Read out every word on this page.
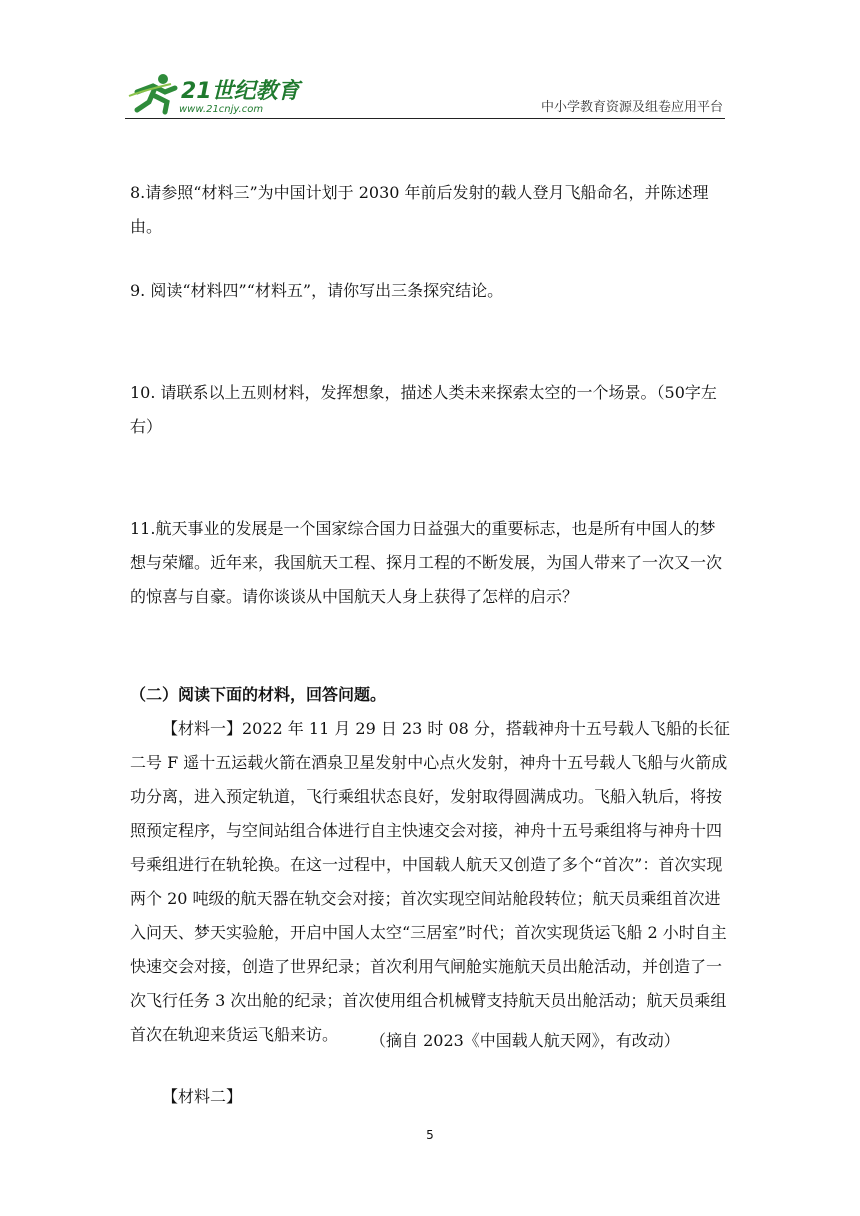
21世纪教育
www.21cnjy.com	中小学教育资源及组卷应用平台

8.请参照“材料三”为中国计划于 2030 年前后发射的载人登月飞船命名，并陈述理由。

9. 阅读“材料四”“材料五”，请你写出三条探究结论。

10. 请联系以上五则材料，发挥想象，描述人类未来探索太空的一个场景。（50字左右）

11.航天事业的发展是一个国家综合国力日益强大的重要标志，也是所有中国人的梦想与荣耀。近年来，我国航天工程、探月工程的不断发展，为国人带来了一次又一次的惊喜与自豪。请你谈谈从中国航天人身上获得了怎样的启示？

（二）阅读下面的材料，回答问题。

【材料一】2022 年 11 月 29 日 23 时 08 分，搭载神舟十五号载人飞船的长征二号 F 遥十五运载火箭在酒泉卫星发射中心点火发射，神舟十五号载人飞船与火箭成功分离，进入预定轨道，飞行乘组状态良好，发射取得圆满成功。飞船入轨后，将按照预定程序，与空间站组合体进行自主快速交会对接，神舟十五号乘组将与神舟十四号乘组进行在轨轮换。在这一过程中，中国载人航天又创造了多个“首次”：首次实现两个 20 吨级的航天器在轨交会对接；首次实现空间站舱段转位；航天员乘组首次进入问天、梦天实验舱，开启中国人太空“三居室”时代；首次实现货运飞船 2 小时自主快速交会对接，创造了世界纪录；首次利用气闸舱实施航天员出舱活动，并创造了一次飞行任务 3 次出舱的纪录；首次使用组合机械臂支持航天员出舱活动；航天员乘组首次在轨迎来货运飞船来访。	（摘自 2023《中国载人航天网》，有改动）

【材料二】

5
